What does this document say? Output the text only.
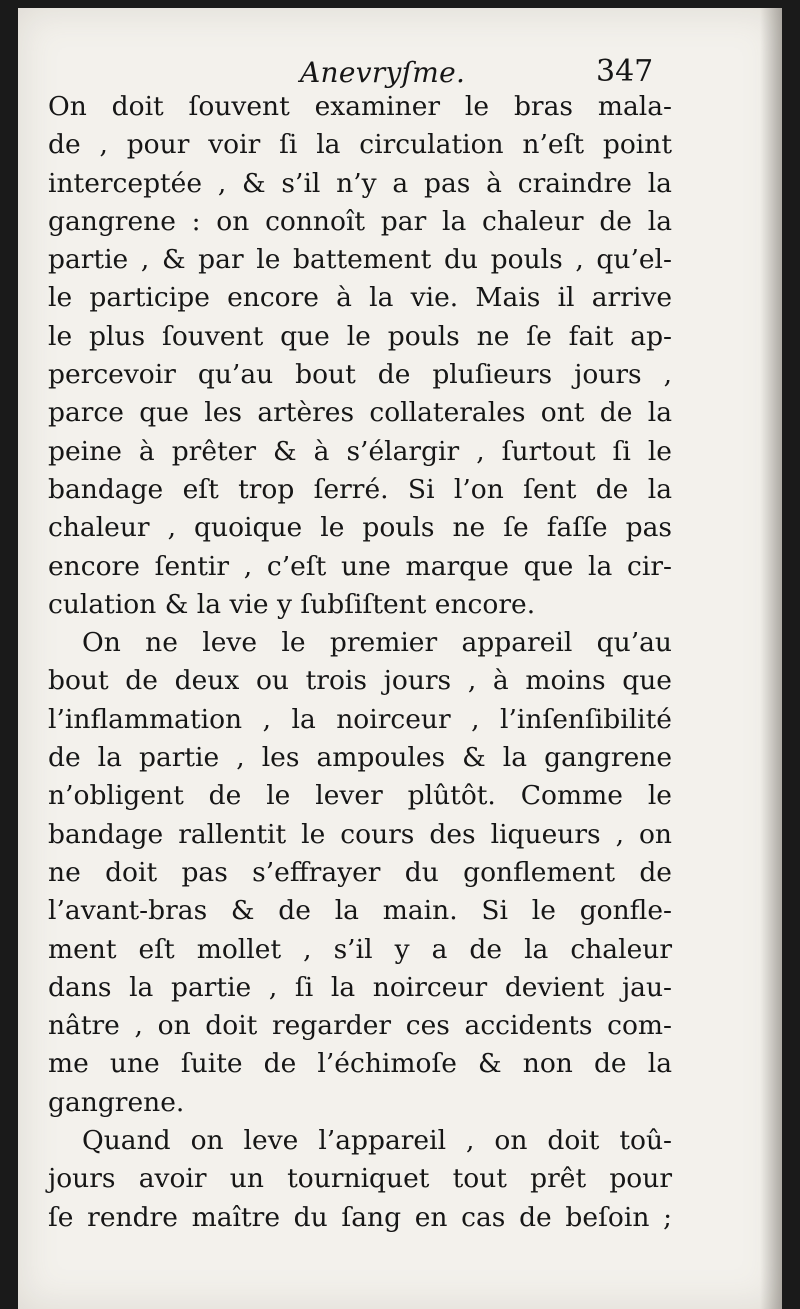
Anevryſme.	347
On doit ſouvent examiner le bras mala-
de , pour voir ſi la circulation n’eſt point
interceptée , & s’il n’y a pas à craindre la
gangrene : on connoît par la chaleur de la
partie , & par le battement du pouls , qu’el-
le participe encore à la vie. Mais il arrive
le plus ſouvent que le pouls ne ſe fait ap-
percevoir qu’au bout de pluſieurs jours ,
parce que les artères collaterales ont de la
peine à prêter & à s’élargir , ſurtout ſi le
bandage eſt trop ſerré. Si l’on ſent de la
chaleur , quoique le pouls ne ſe faſſe pas
encore ſentir , c’eſt une marque que la cir-
culation & la vie y ſubſiſtent encore.
On ne leve le premier appareil qu’au
bout de deux ou trois jours , à moins que
l’inflammation , la noirceur , l’inſenſibilité
de la partie , les ampoules & la gangrene
n’obligent de le lever plûtôt. Comme le
bandage rallentit le cours des liqueurs , on
ne doit pas s’effrayer du gonflement de
l’avant-bras & de la main. Si le gonfle-
ment eſt mollet , s’il y a de la chaleur
dans la partie , ſi la noirceur devient jau-
nâtre , on doit regarder ces accidents com-
me une ſuite de l’échimoſe & non de la
gangrene.
Quand on leve l’appareil , on doit toû-
jours avoir un tourniquet tout prêt pour
ſe rendre maître du ſang en cas de beſoin ;
